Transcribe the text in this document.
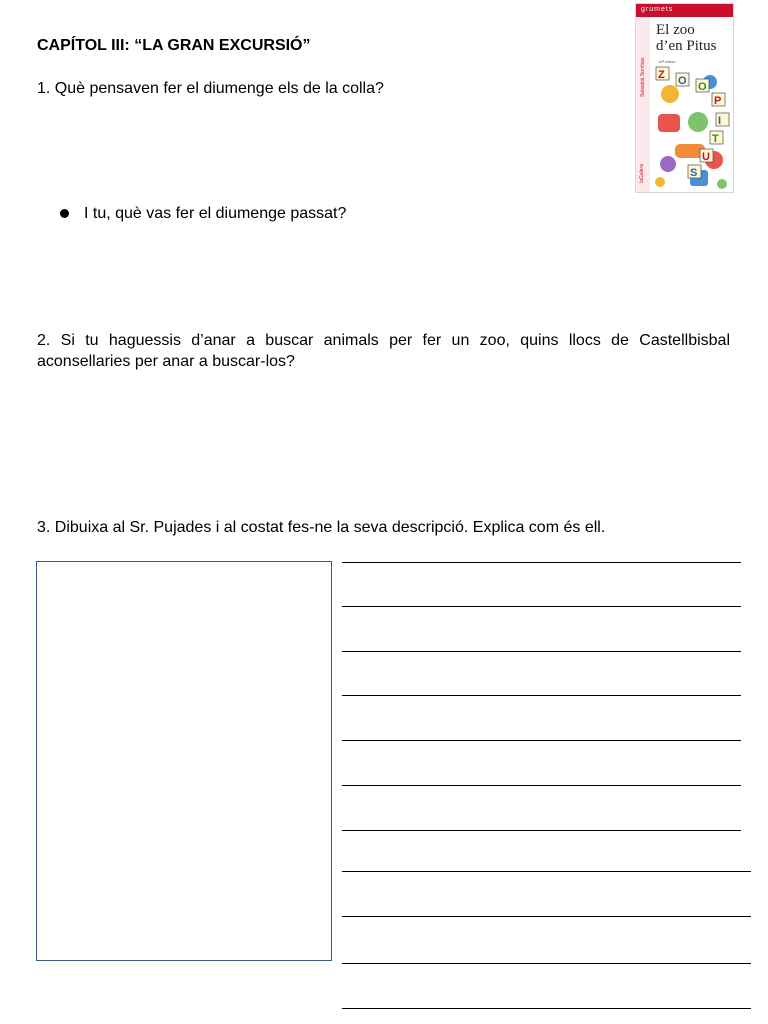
CAPÍTOL III: “LA GRAN EXCURSIÓ”
1. Què pensaven fer el diumenge els de la colla?
I tu, què vas fer el diumenge passat?
2. Si tu haguessis d’anar a buscar animals per fer un zoo, quins llocs de Castellbisbal aconsellaries per anar a buscar-los?
3. Dibuixa al Sr. Pujades i al costat fes-ne la seva descripció. Explica com és ell.
grumets
Sebastià Sorribas
El zoo
d’en Pitus
10ª edició
laGalera
Z O O
P
I
T
U
S
